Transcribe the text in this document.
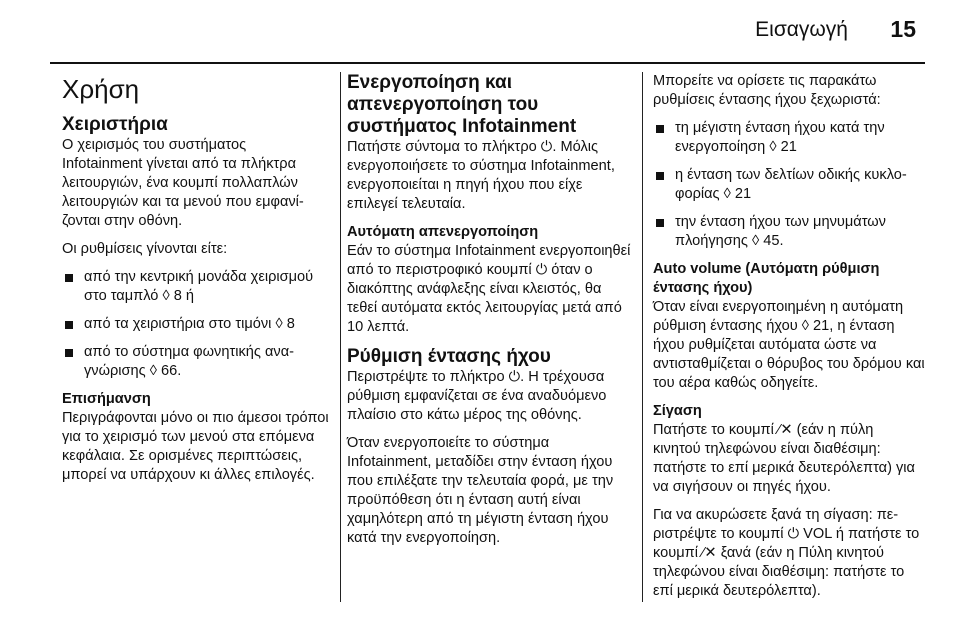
Εισαγωγή 15
Χρήση
Χειριστήρια

Ο χειρισμός του συστήματος Infotainment γίνεται από τα πλήκτρα λειτουργιών, ένα κουμπί πολλαπλών λειτουργιών και τα μενού που εμφανίζονται στην οθόνη.

Οι ρυθμίσεις γίνονται είτε:

από την κεντρική μονάδα χειρισμού στο ταμπλό ◊ 8 ή
από τα χειριστήρια στο τιμόνι ◊ 8
από το σύστημα φωνητικής αναγνώρισης ◊ 66.
Επισήμανση

Περιγράφονται μόνο οι πιο άμεσοι τρόποι για το χειρισμό των μενού στα επόμενα κεφάλαια. Σε ορισμένες περιπτώσεις, μπορεί να υπάρχουν κι άλλες επιλογές.

Ενεργοποίηση και απενεργοποίηση του συστήματος Infotainment

Πατήστε σύντομα το πλήκτρο ⏻. Μόλις ενεργοποιήσετε το σύστημα Infotainment, ενεργοποιείται η πηγή ήχου που είχε επιλεγεί τελευταία.

Αυτόματη απενεργοποίηση

Εάν το σύστημα Infotainment ενεργοποιηθεί από το περιστροφικό κουμπί ⏻ όταν ο διακόπτης ανάφλεξης είναι κλειστός, θα τεθεί αυτόματα εκτός λειτουργίας μετά από 10 λεπτά.

Ρύθμιση έντασης ήχου

Περιστρέψτε το πλήκτρο ⏻. Η τρέχουσα ρύθμιση εμφανίζεται σε ένα αναδυόμενο πλαίσιο στο κάτω μέρος της οθόνης.

Όταν ενεργοποιείτε το σύστημα Infotainment, μεταδίδει στην ένταση ήχου που επιλέξατε την τελευταία φορά, με την προϋπόθεση ότι η ένταση αυτή είναι χαμηλότερη από τη μέγιστη ένταση ήχου κατά την ενεργοποίηση.

Μπορείτε να ορίσετε τις παρακάτω ρυθμίσεις έντασης ήχου ξεχωριστά:

τη μέγιστη ένταση ήχου κατά την ενεργοποίηση ◊ 21
η ένταση των δελτίων οδικής κυκλοφορίας ◊ 21
την ένταση ήχου των μηνυμάτων πλοήγησης ◊ 45.
Auto volume (Αυτόματη ρύθμιση έντασης ήχου)

Όταν είναι ενεργοποιημένη η αυτόματη ρύθμιση έντασης ήχου ◊ 21, η ένταση ήχου ρυθμίζεται αυτόματα ώστε να αντισταθμίζεται ο θόρυβος του δρόμου και του αέρα καθώς οδηγείτε.

Σίγαση

Πατήστε το κουμπί ⁄✕ (εάν η πύλη κινητού τηλεφώνου είναι διαθέσιμη: πατήστε το επί μερικά δευτερόλεπτα) για να σιγήσουν οι πηγές ήχου.

Για να ακυρώσετε ξανά τη σίγαση: περιστρέψτε το κουμπί ⏻ VOL ή πατήστε το κουμπί ⁄✕ ξανά (εάν η Πύλη κινητού τηλεφώνου είναι διαθέσιμη: πατήστε το επί μερικά δευτερόλεπτα).
